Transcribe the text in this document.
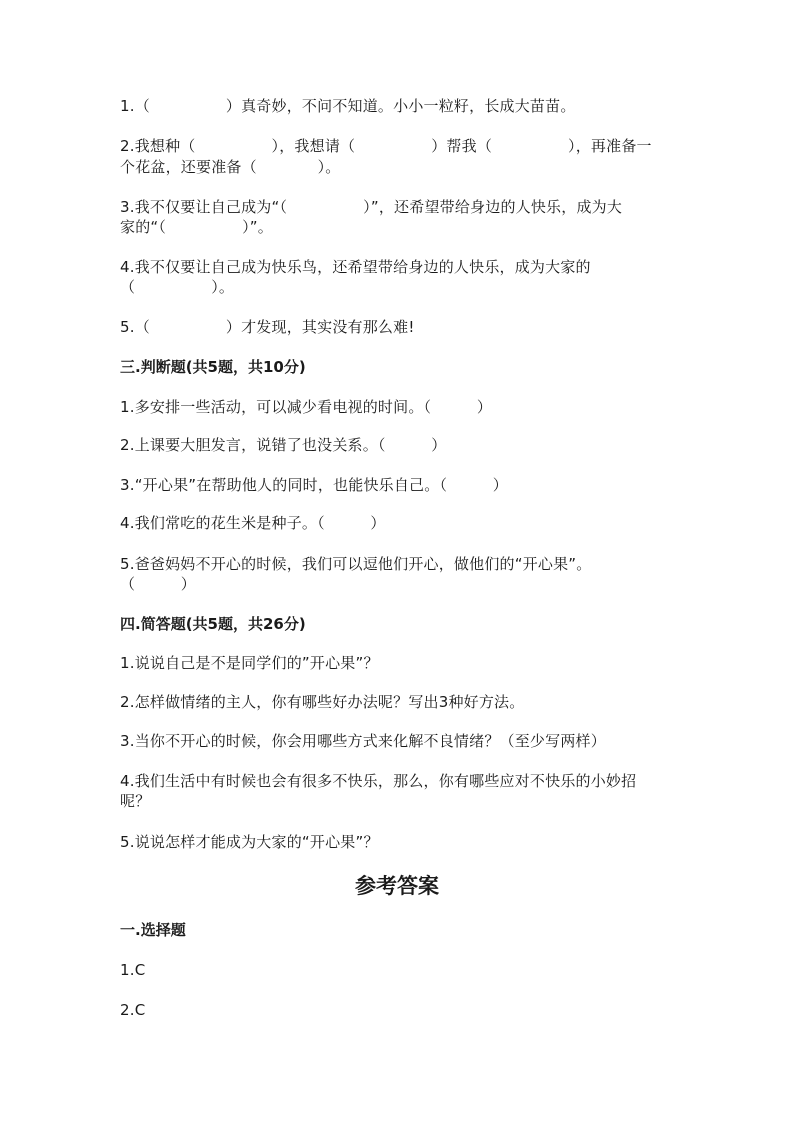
1.（　　　　　）真奇妙，不问不知道。小小一粒籽，长成大苗苗。
2.我想种（　　　　　），我想请（　　　　　）帮我（　　　　　），再准备一
个花盆，还要准备（　　　　）。
3.我不仅要让自己成为“（　　　　　）”，还希望带给身边的人快乐，成为大
家的“（　　　　　）”。
4.我不仅要让自己成为快乐鸟，还希望带给身边的人快乐，成为大家的
（　　　　　）。
5.（　　　　　）才发现，其实没有那么难!
三.判断题(共5题，共10分)
1.多安排一些活动，可以减少看电视的时间。（　　　）
2.上课要大胆发言，说错了也没关系。（　　　）
3.“开心果”在帮助他人的同时，也能快乐自己。（　　　）
4.我们常吃的花生米是种子。（　　　）
5.爸爸妈妈不开心的时候，我们可以逗他们开心，做他们的“开心果”。
（　　　）
四.简答题(共5题，共26分)
1.说说自己是不是同学们的”开心果”？
2.怎样做情绪的主人，你有哪些好办法呢？写出3种好方法。
3.当你不开心的时候，你会用哪些方式来化解不良情绪？（至少写两样）
4.我们生活中有时候也会有很多不快乐，那么，你有哪些应对不快乐的小妙招
呢？
5.说说怎样才能成为大家的“开心果”？
参考答案
一.选择题
1.C
2.C
